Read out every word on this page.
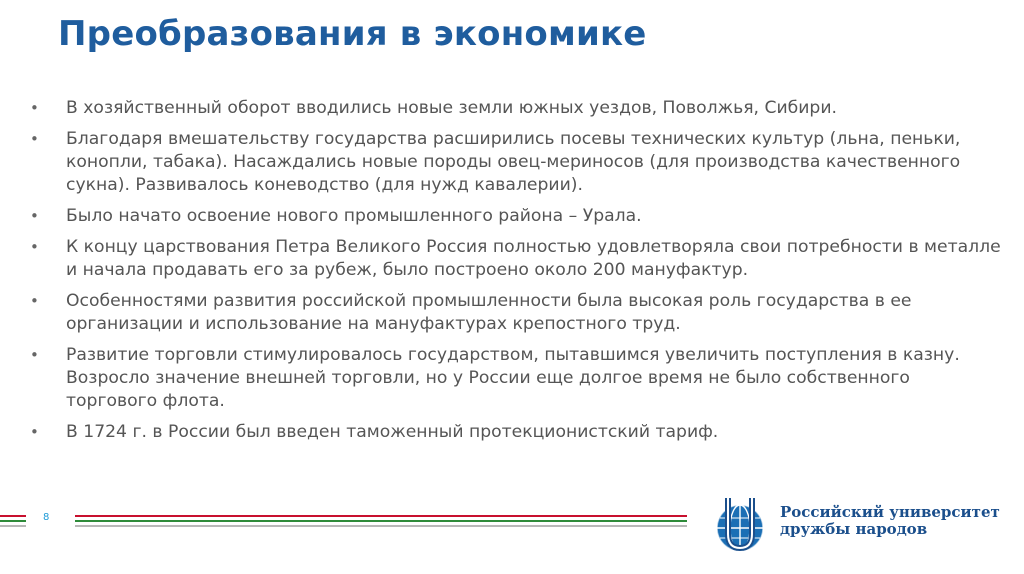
Преобразования в экономике
• В хозяйственный оборот вводились новые земли южных уездов, Поволжья, Сибири.
• Благодаря вмешательству государства расширились посевы технических культур (льна, пеньки, конопли, табака). Насаждались новые породы овец-мериносов (для производства качественного сукна). Развивалось коневодство (для нужд кавалерии).
• Было начато освоение нового промышленного района – Урала.
• К концу царствования Петра Великого Россия полностью удовлетворяла свои потребности в металле и начала продавать его за рубеж, было построено около 200 мануфактур.
• Особенностями развития российской промышленности была высокая роль государства в ее организации и использование на мануфактурах крепостного труд.
• Развитие торговли стимулировалось государством, пытавшимся увеличить поступления в казну. Возросло значение внешней торговли, но у России еще долгое время не было собственного торгового флота.
• В 1724 г. в России был введен таможенный протекционистский тариф.
8	Российский университет
дружбы народов
